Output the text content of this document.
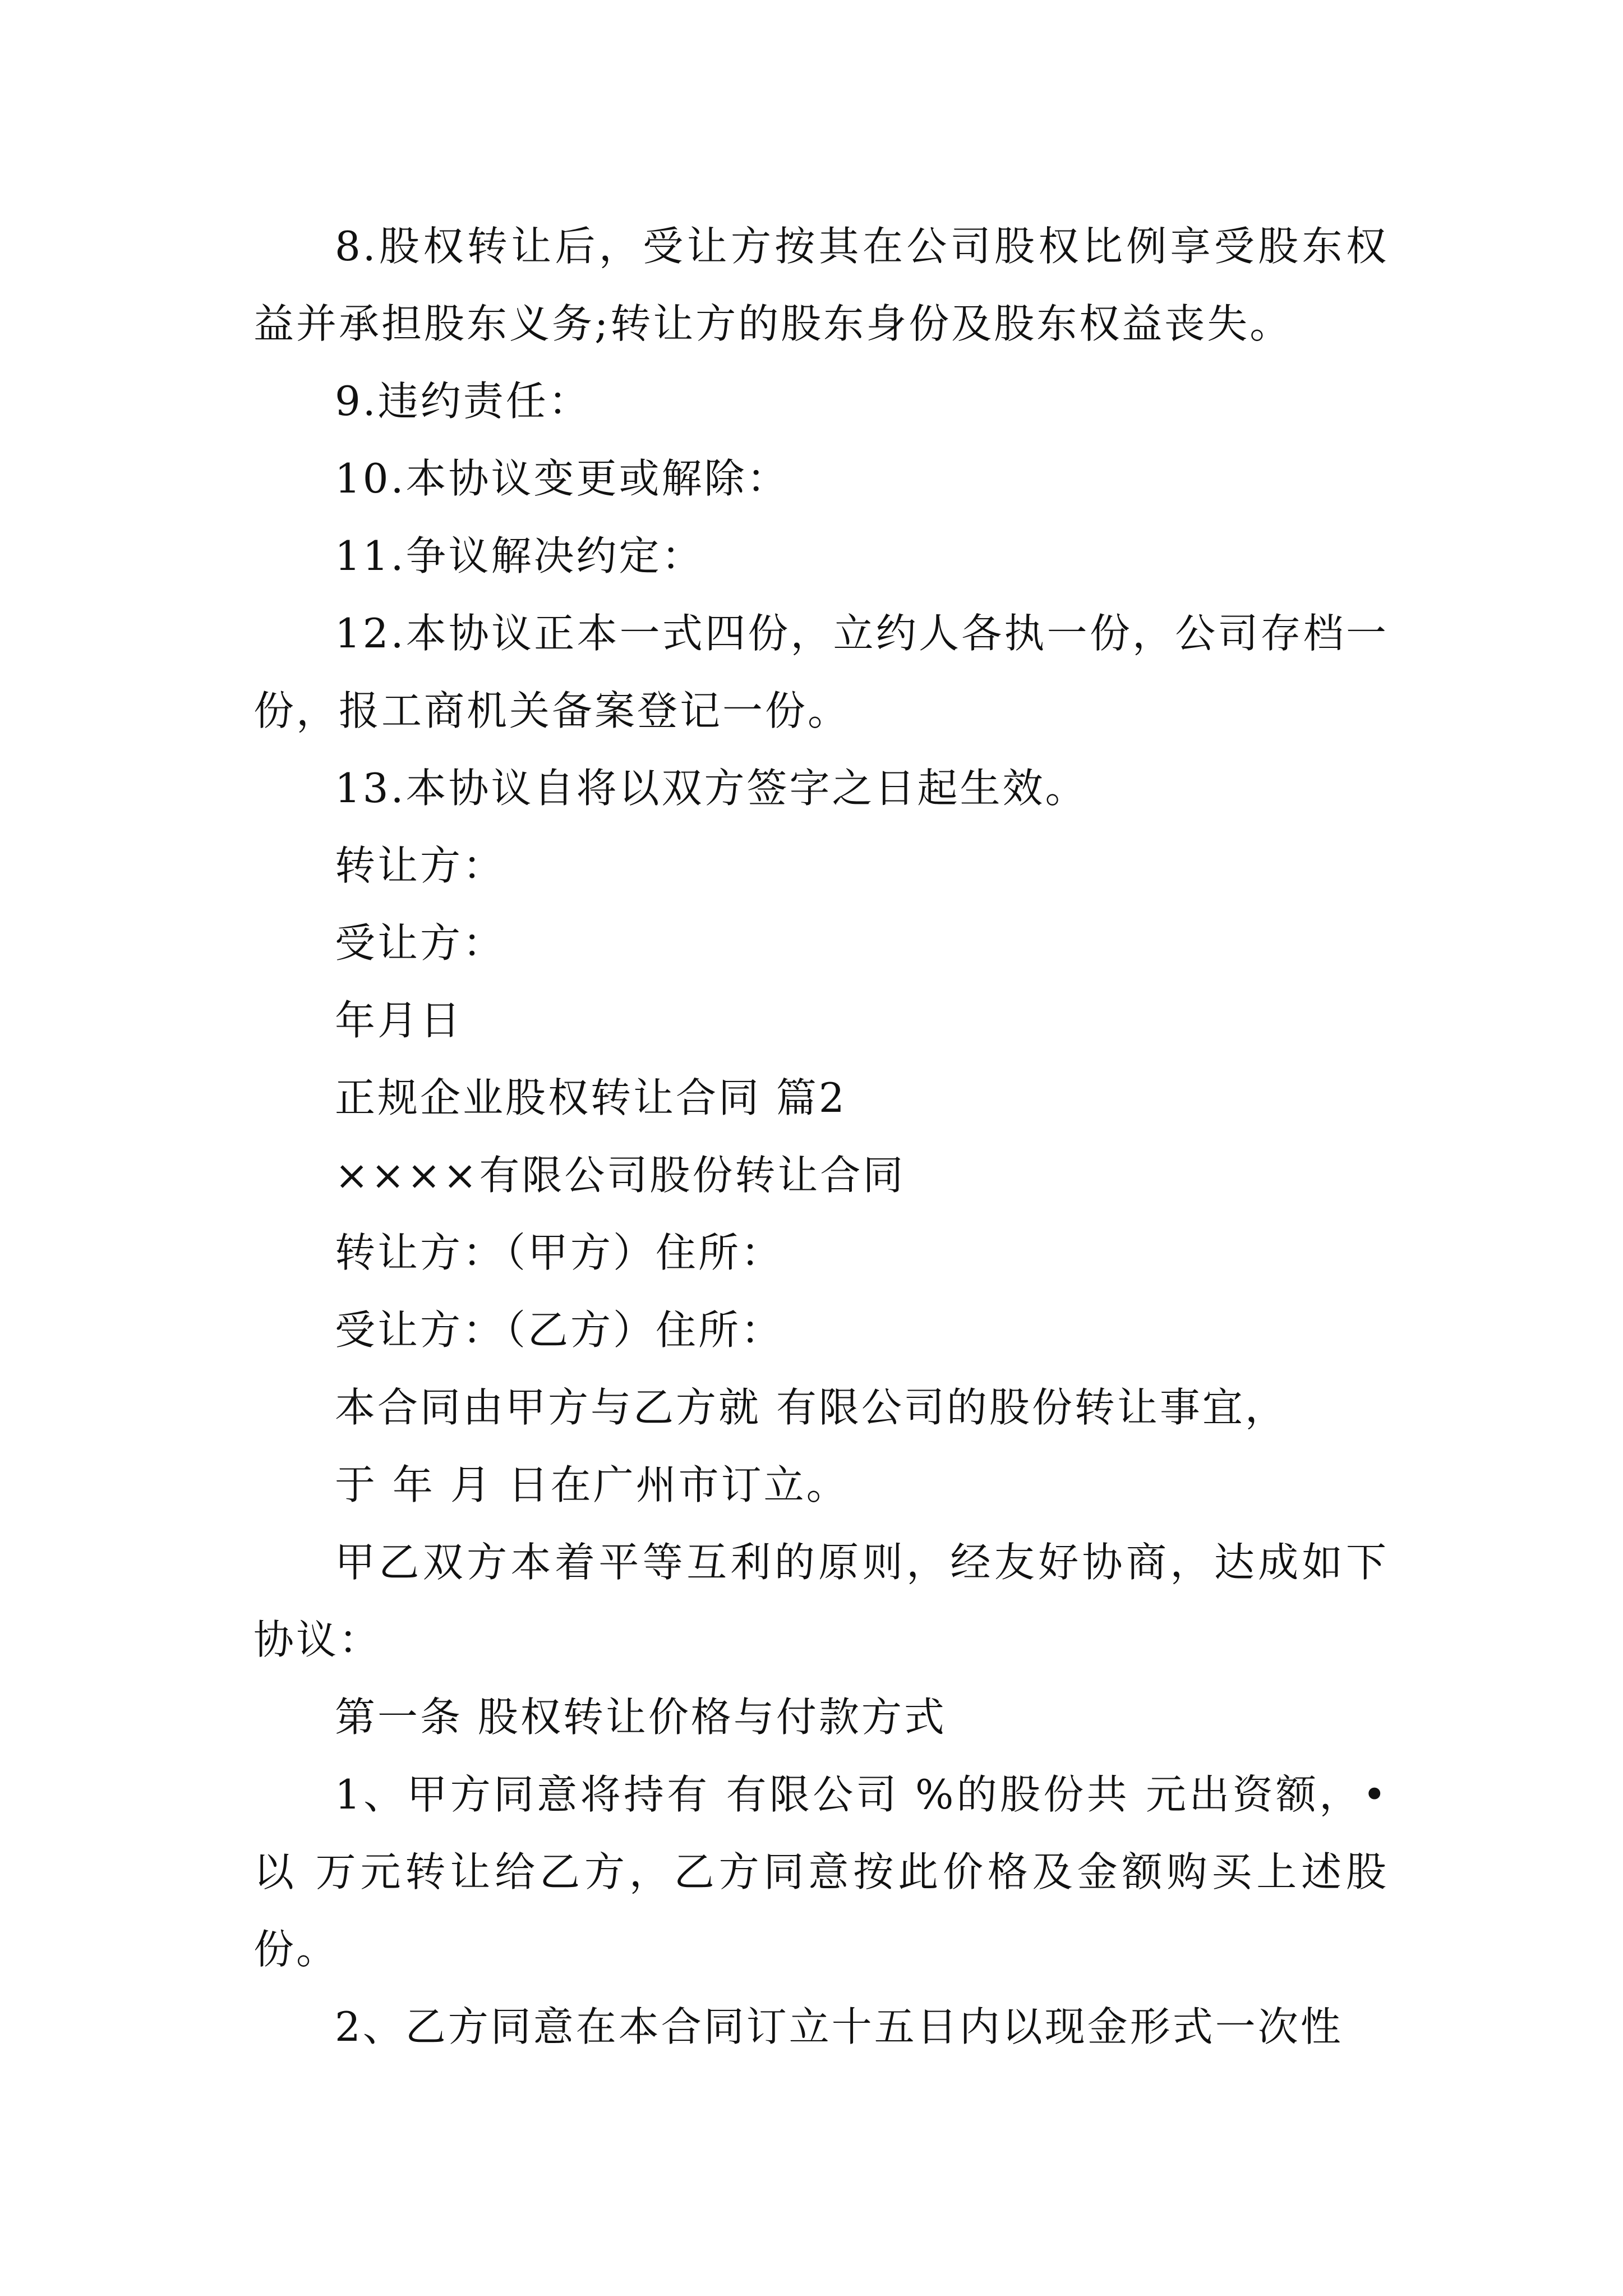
8.股权转让后，受让方按其在公司股权比例享受股东权益并承担股东义务;转让方的股东身份及股东权益丧失。

9.违约责任：

10.本协议变更或解除：

11.争议解决约定：

12.本协议正本一式四份，立约人各执一份，公司存档一份，报工商机关备案登记一份。

13.本协议自将以双方签字之日起生效。

转让方：

受让方：

年月日

正规企业股权转让合同 篇2

××××有限公司股份转让合同

转让方：（甲方）住所：

受让方：（乙方）住所：

本合同由甲方与乙方就 有限公司的股份转让事宜，

于 年 月 日在广州市订立。

甲乙双方本着平等互利的原则，经友好协商，达成如下协议：

第一条 股权转让价格与付款方式

1、甲方同意将持有 有限公司 %的股份共 元出资额，•以 万元转让给乙方，乙方同意按此价格及金额购买上述股份。

2、乙方同意在本合同订立十五日内以现金形式一次性
